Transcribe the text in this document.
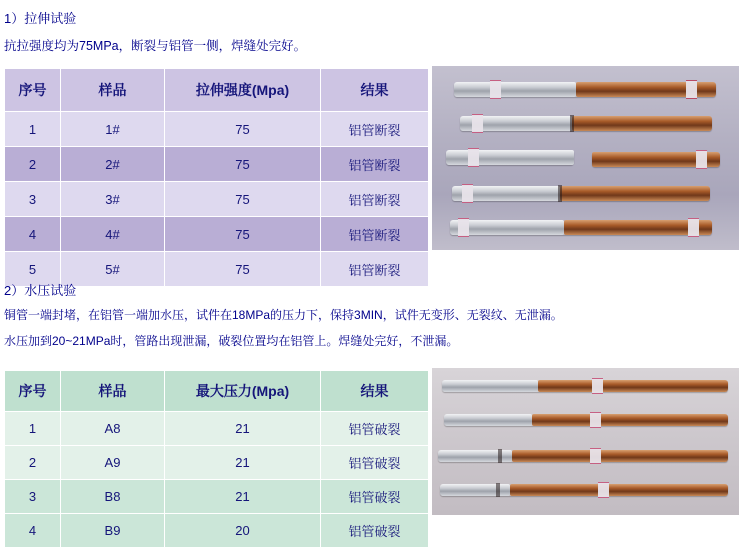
1）拉伸试验
抗拉强度均为75MPa，断裂与铝管一侧，焊缝处完好。
序号	样品	拉伸强度(Mpa)	结果
1	1#	75	铝管断裂
2	2#	75	铝管断裂
3	3#	75	铝管断裂
4	4#	75	铝管断裂
5	5#	75	铝管断裂
2）水压试验
铜管一端封堵，在铝管一端加水压，试件在18MPa的压力下，保持3MIN，试件无变形、无裂纹、无泄漏。
水压加到20~21MPa时，管路出现泄漏，破裂位置均在铝管上。焊缝处完好，不泄漏。
序号	样品	最大压力(Mpa)	结果
1	A8	21	铝管破裂
2	A9	21	铝管破裂
3	B8	21	铝管破裂
4	B9	20	铝管破裂
